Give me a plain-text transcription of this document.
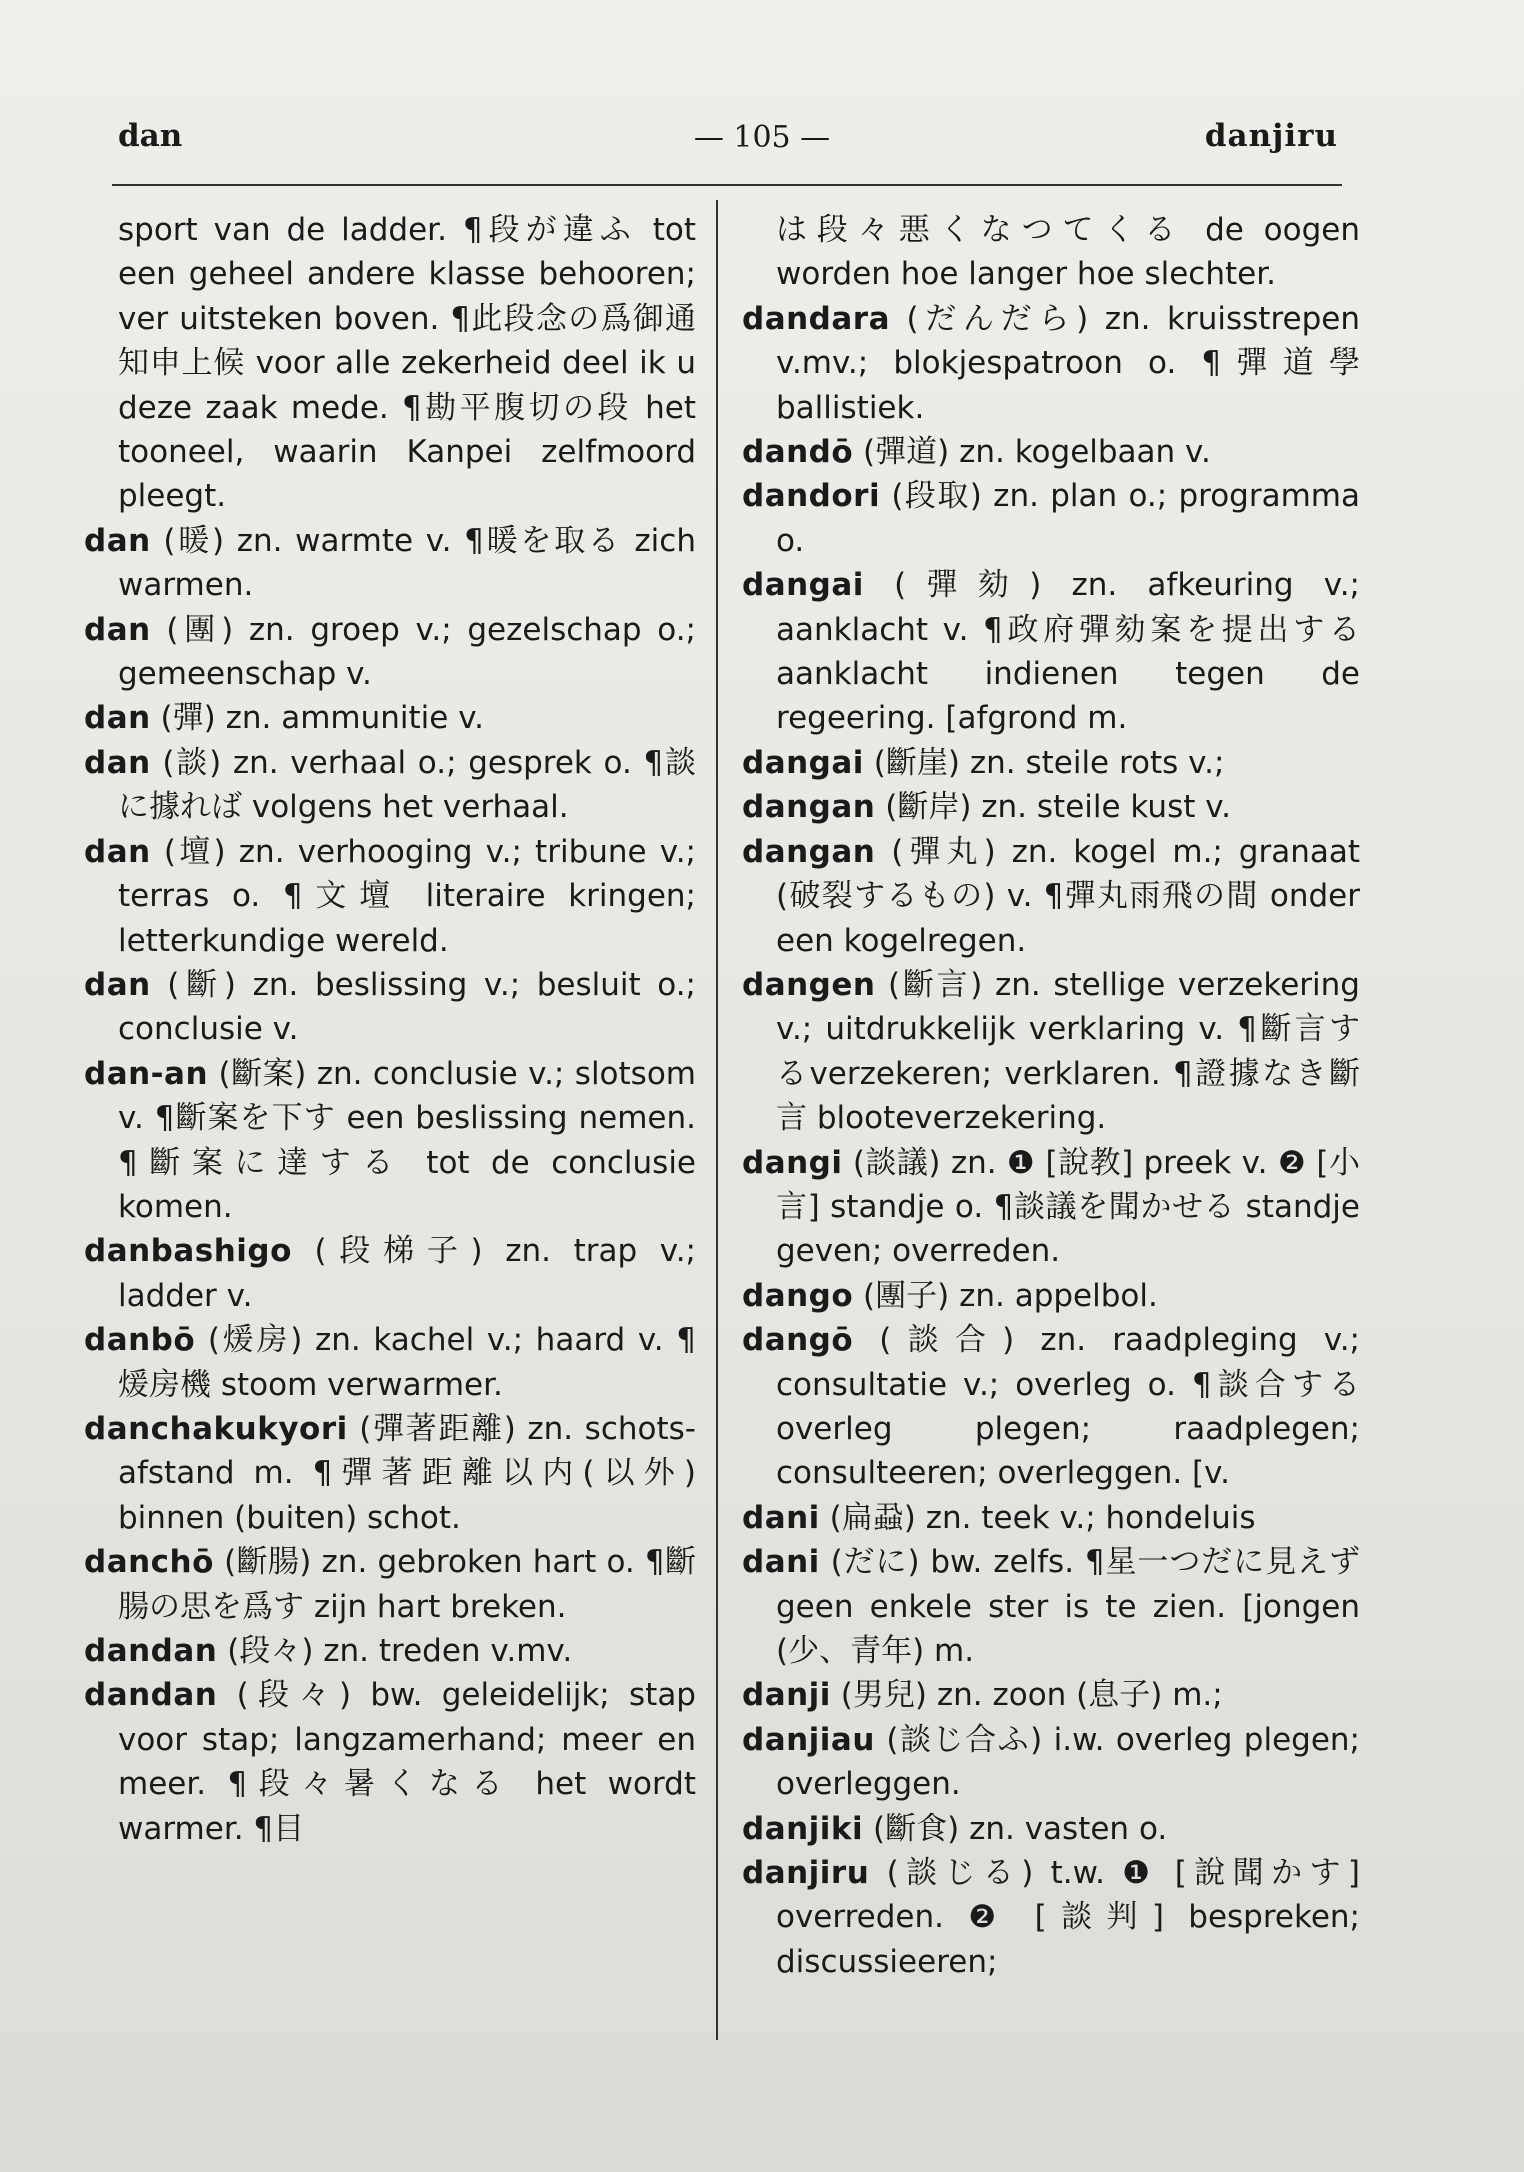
dan	— 105 —	danjiru

sport van de ladder. ¶段が違ふ tot een geheel andere klasse behooren; ver uitsteken boven. ¶此段念の爲御通知申上候 voor alle zekerheid deel ik u deze zaak mede. ¶勘平腹切の段 het tooneel, waarin Kanpei zelfmoord pleegt.

dan (暖) zn. warmte v. ¶暖を取る zich warmen.

dan (團) zn. groep v.; gezelschap o.; gemeenschap v.

dan (彈) zn. ammunitie v.

dan (談) zn. verhaal o.; gesprek o. ¶談に據れば volgens het verhaal.

dan (壇) zn. verhooging v.; tribune v.; terras o. ¶文壇 literaire kringen; letterkundige wereld.

dan (斷) zn. beslissing v.; besluit o.; conclusie v.

dan-an (斷案) zn. conclusie v.; slotsom v. ¶斷案を下す een beslissing nemen. ¶斷案に達する tot de conclusie komen.

danbashigo (段梯子) zn. trap v.; ladder v.

danbō (煖房) zn. kachel v.; haard v. ¶煖房機 stoom verwarmer.

danchakukyori (彈著距離) zn. schots-afstand m. ¶彈著距離以内(以外) binnen (buiten) schot.

danchō (斷腸) zn. gebroken hart o. ¶斷腸の思を爲す zijn hart breken.

dandan (段々) zn. treden v.mv.

dandan (段々) bw. geleidelijk; stap voor stap; langzamerhand; meer en meer. ¶段々暑くなる het wordt warmer. ¶目

は段々悪くなつてくる de oogen worden hoe langer hoe slechter.

dandara (だんだら) zn. kruisstrepen v.mv.; blokjespatroon o. ¶彈道學 ballistiek.

dandō (彈道) zn. kogelbaan v.

dandori (段取) zn. plan o.; programma o.

dangai (彈劾) zn. afkeuring v.; aanklacht v. ¶政府彈劾案を提出する aanklacht indienen tegen de regeering. [afgrond m.

dangai (斷崖) zn. steile rots v.;

dangan (斷岸) zn. steile kust v.

dangan (彈丸) zn. kogel m.; granaat (破裂するもの) v. ¶彈丸雨飛の間 onder een kogelregen.

dangen (斷言) zn. stellige verzekering v.; uitdrukkelijk verklaring v. ¶斷言するverzekeren; verklaren. ¶證據なき斷言 blooteverzekering.

dangi (談議) zn. ❶ [說教] preek v. ❷ [小言] standje o. ¶談議を聞かせる standje geven; overreden.

dango (團子) zn. appelbol.

dangō (談合) zn. raadpleging v.; consultatie v.; overleg o. ¶談合する overleg plegen; raadplegen; consulteeren; overleggen. [v.

dani (扁蝨) zn. teek v.; hondeluis

dani (だに) bw. zelfs. ¶星一つだに見えず geen enkele ster is te zien. [jongen (少、青年) m.

danji (男兒) zn. zoon (息子) m.;

danjiau (談じ合ふ) i.w. overleg plegen; overleggen.

danjiki (斷食) zn. vasten o.

danjiru (談じる) t.w. ❶ [說聞かす] overreden. ❷ [談判] bespreken; discussieeren;
